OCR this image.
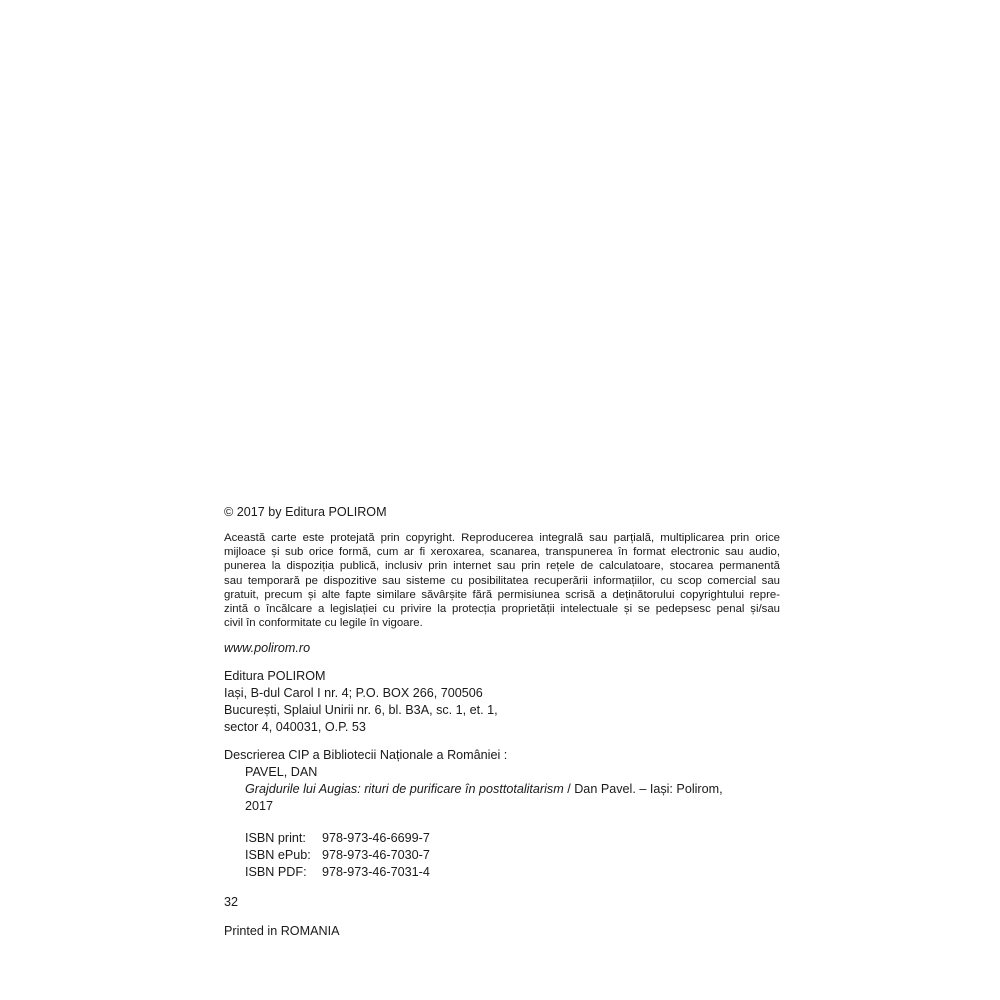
© 2017 by Editura POLIROM
Această carte este protejată prin copyright. Reproducerea integrală sau parțială, multiplicarea prin orice
mijloace și sub orice formă, cum ar fi xeroxarea, scanarea, transpunerea în format electronic sau audio,
punerea la dispoziția publică, inclusiv prin internet sau prin rețele de calculatoare, stocarea permanentă
sau temporară pe dispozitive sau sisteme cu posibilitatea recuperării informațiilor, cu scop comercial sau
gratuit, precum și alte fapte similare săvârșite fără permisiunea scrisă a deținătorului copyrightului repre-
zintă o încălcare a legislației cu privire la protecția proprietății intelectuale și se pedepsesc penal și/sau
civil în conformitate cu legile în vigoare.
www.polirom.ro
Editura POLIROM
Iași, B-dul Carol I nr. 4; P.O. BOX 266, 700506
București, Splaiul Unirii nr. 6, bl. B3A, sc. 1, et. 1,
sector 4, 040031, O.P. 53
Descrierea CIP a Bibliotecii Naționale a României :
PAVEL, DAN
Grajdurile lui Augias: rituri de purificare în posttotalitarism / Dan Pavel. – Iași: Polirom,
2017
ISBN print:	978-973-46-6699-7
ISBN ePub: 978-973-46-7030-7
ISBN PDF:	978-973-46-7031-4
32
Printed in ROMANIA
